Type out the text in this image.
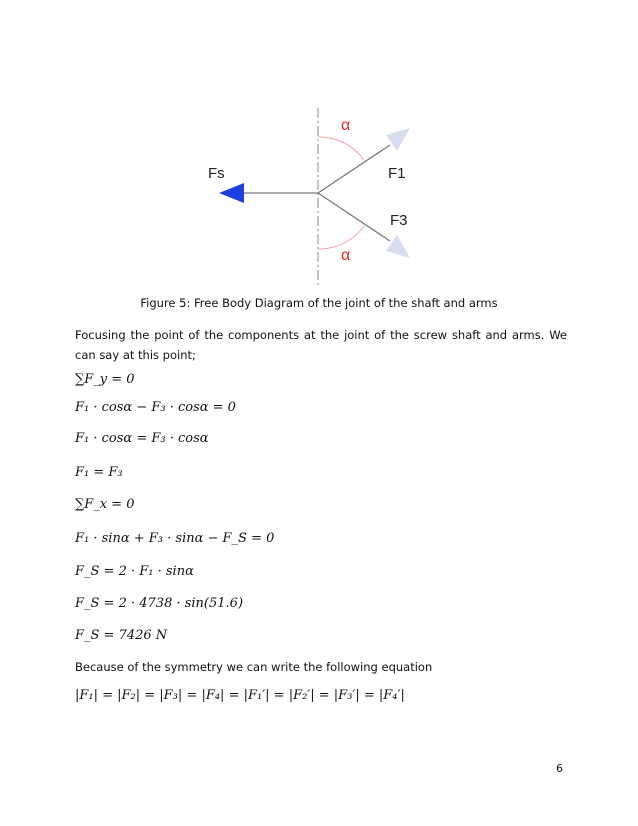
Fs	F1
F3
α
α
Figure 5: Free Body Diagram of the joint of the shaft and arms
Focusing the point of the components at the joint of the screw shaft and arms. We can say at this point;
∑F_y = 0
F₁ · cosα − F₃ · cosα = 0
F₁ · cosα = F₃ · cosα
F₁ = F₃
∑F_x = 0
F₁ · sinα + F₃ · sinα − F_S = 0
F_S = 2 · F₁ · sinα
F_S = 2 · 4738 · sin(51.6)
F_S = 7426 N
Because of the symmetry we can write the following equation
|F₁| = |F₂| = |F₃| = |F₄| = |F₁′| = |F₂′| = |F₃′| = |F₄′|
6
